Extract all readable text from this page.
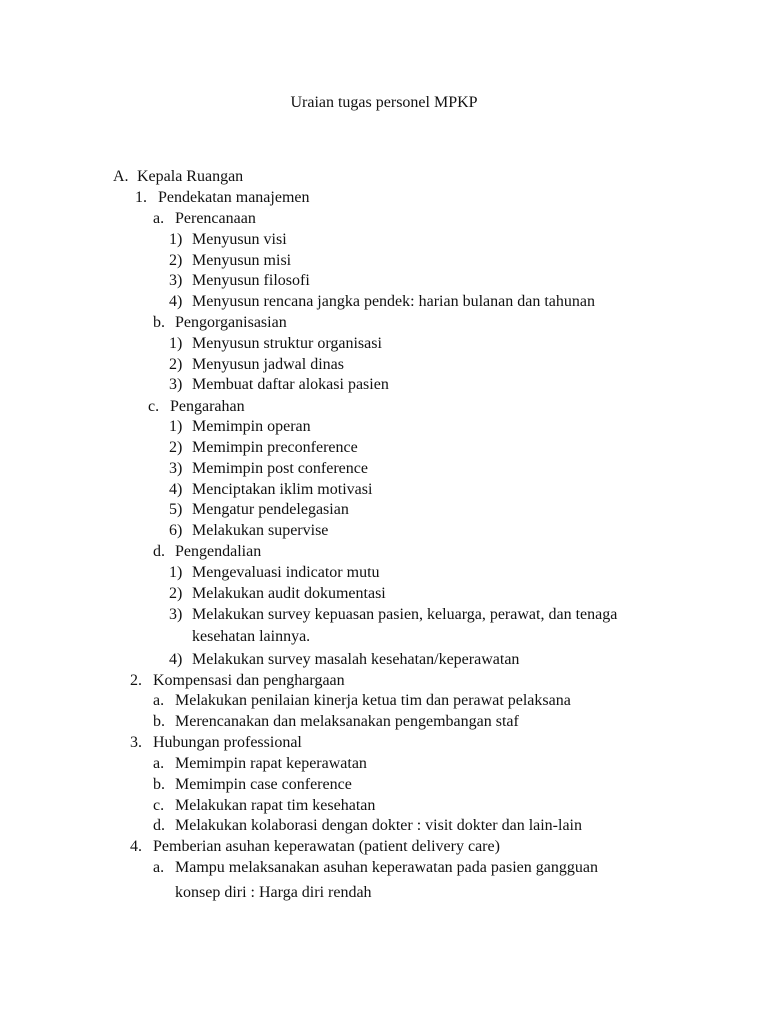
Uraian tugas personel MPKP
A. Kepala Ruangan
1. Pendekatan manajemen
a. Perencanaan
1) Menyusun visi
2) Menyusun misi
3) Menyusun filosofi
4) Menyusun rencana jangka pendek: harian bulanan dan tahunan
b. Pengorganisasian
1) Menyusun struktur organisasi
2) Menyusun jadwal dinas
3) Membuat daftar alokasi pasien
c. Pengarahan
1) Memimpin operan
2) Memimpin preconference
3) Memimpin post conference
4) Menciptakan iklim motivasi
5) Mengatur pendelegasian
6) Melakukan supervise
d. Pengendalian
1) Mengevaluasi indicator mutu
2) Melakukan audit dokumentasi
3) Melakukan survey kepuasan pasien, keluarga, perawat, dan tenaga
kesehatan lainnya.
4) Melakukan survey masalah kesehatan/keperawatan
2. Kompensasi dan penghargaan
a. Melakukan penilaian kinerja ketua tim dan perawat pelaksana
b. Merencanakan dan melaksanakan pengembangan staf
3. Hubungan professional
a. Memimpin rapat keperawatan
b. Memimpin case conference
c. Melakukan rapat tim kesehatan
d. Melakukan kolaborasi dengan dokter : visit dokter dan lain-lain
4. Pemberian asuhan keperawatan (patient delivery care)
a. Mampu melaksanakan asuhan keperawatan pada pasien gangguan
konsep diri : Harga diri rendah
